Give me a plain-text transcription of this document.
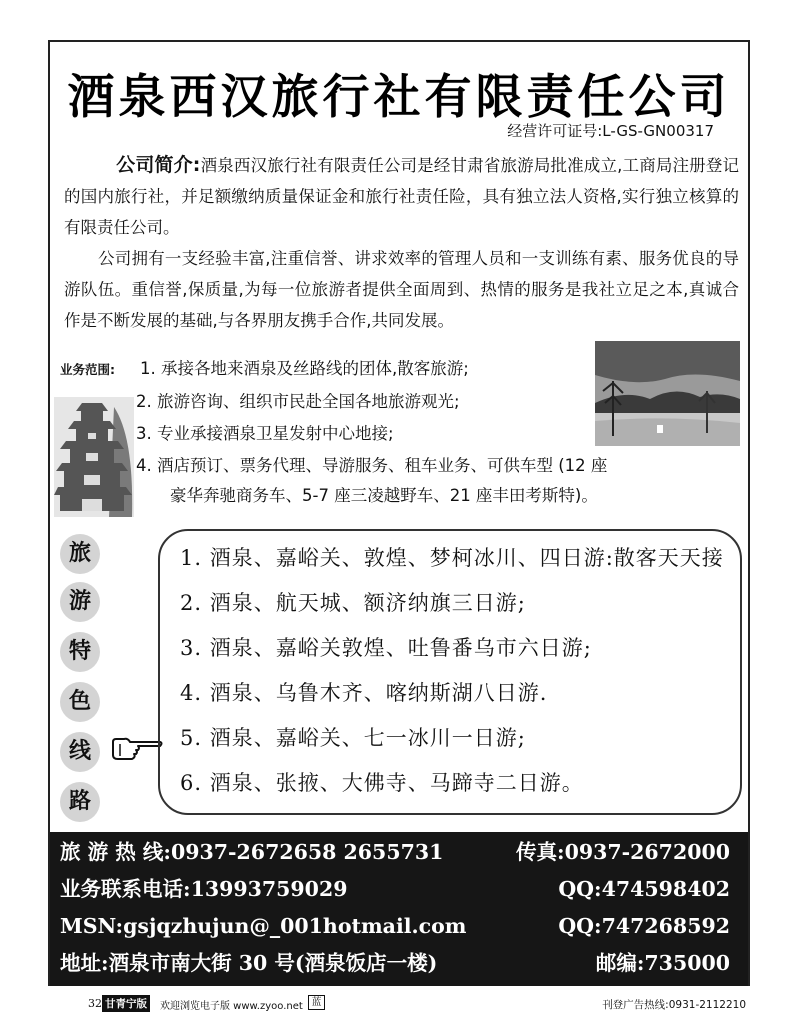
酒泉西汉旅行社有限责任公司
经营许可证号:L-GS-GN00317

公司简介:酒泉西汉旅行社有限责任公司是经甘肃省旅游局批准成立,工商局注册登记的国内旅行社，并足额缴纳质量保证金和旅行社责任险，具有独立法人资格,实行独立核算的有限责任公司。

公司拥有一支经验丰富,注重信誉、讲求效率的管理人员和一支训练有素、服务优良的导游队伍。重信誉,保质量,为每一位旅游者提供全面周到、热情的服务是我社立足之本,真诚合作是不断发展的基础,与各界朋友携手合作,共同发展。

业务范围: 1. 承接各地来酒泉及丝路线的团体,散客旅游;
2. 旅游咨询、组织市民赴全国各地旅游观光;
3. 专业承接酒泉卫星发射中心地接;
4. 酒店预订、票务代理、导游服务、租车业务、可供车型 (12 座
豪华奔驰商务车、5-7 座三凌越野车、21 座丰田考斯特)。
旅
游
特
色
线
路
1. 酒泉、嘉峪关、敦煌、梦柯冰川、四日游:散客天天接
2. 酒泉、航天城、额济纳旗三日游;
3. 酒泉、嘉峪关敦煌、吐鲁番乌市六日游;
4. 酒泉、乌鲁木齐、喀纳斯湖八日游.
5. 酒泉、嘉峪关、七一冰川一日游;
6. 酒泉、张掖、大佛寺、马蹄寺二日游。
旅 游 热 线:0937-2672658 2655731	传真:0937-2672000
业务联系电话:13993759029	QQ:474598402
MSN:gsjqzhujun@_001hotmail.com	QQ:747268592
地址:酒泉市南大街 30 号(酒泉饭店一楼)	邮编:735000
32 甘青宁版	欢迎浏览电子版 www.zyoo.net 蓝	刊登广告热线:0931-2112210
